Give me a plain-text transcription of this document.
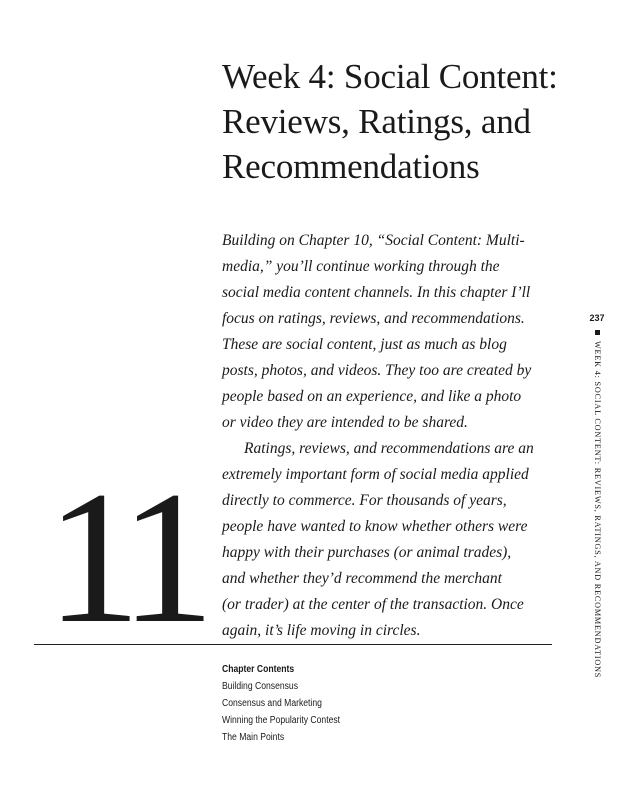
Week 4: Social Content:
Reviews, Ratings, and
Recommendations

Building on Chapter 10, “Social Content: Multi-
media,” you’ll continue working through the
social media content channels. In this chapter I’ll
focus on ratings, reviews, and recommendations.
These are social content, just as much as blog
posts, photos, and videos. They too are created by
people based on an experience, and like a photo
or video they are intended to be shared.
Ratings, reviews, and recommendations are an
extremely important form of social media applied
directly to commerce. For thousands of years,
people have wanted to know whether others were
happy with their purchases (or animal trades),
and whether they’d recommend the merchant
(or trader) at the center of the transaction. Once
again, it’s life moving in circles.

11
Chapter Contents
Building Consensus
Consensus and Marketing
Winning the Popularity Contest
The Main Points
237
WEEK 4: SOCIAL CONTENT: REVIEWS, RATINGS, AND RECOMMENDATIONS
